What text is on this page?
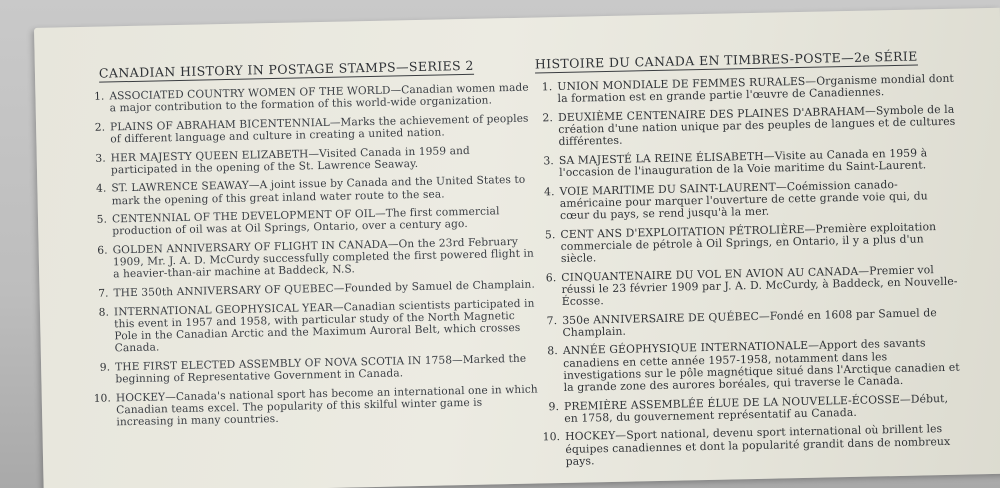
CANADIAN HISTORY IN POSTAGE STAMPS—SERIES 2
1. ASSOCIATED COUNTRY WOMEN OF THE WORLD—Canadian women made a major contribution to the formation of this world-wide organization.
2. PLAINS OF ABRAHAM BICENTENNIAL—Marks the achievement of peoples of different language and culture in creating a united nation.
3. HER MAJESTY QUEEN ELIZABETH—Visited Canada in 1959 and participated in the opening of the St. Lawrence Seaway.
4. ST. LAWRENCE SEAWAY—A joint issue by Canada and the United States to mark the opening of this great inland water route to the sea.
5. CENTENNIAL OF THE DEVELOPMENT OF OIL—The first commercial production of oil was at Oil Springs, Ontario, over a century ago.
6. GOLDEN ANNIVERSARY OF FLIGHT IN CANADA—On the 23rd February 1909, Mr. J. A. D. McCurdy successfully completed the first powered flight in a heavier-than-air machine at Baddeck, N.S.
7. THE 350th ANNIVERSARY OF QUEBEC—Founded by Samuel de Champlain.
8. INTERNATIONAL GEOPHYSICAL YEAR—Canadian scientists participated in this event in 1957 and 1958, with particular study of the North Magnetic Pole in the Canadian Arctic and the Maximum Auroral Belt, which crosses Canada.
9. THE FIRST ELECTED ASSEMBLY OF NOVA SCOTIA IN 1758—Marked the beginning of Representative Government in Canada.
10. HOCKEY—Canada's national sport has become an international one in which Canadian teams excel. The popularity of this skilful winter game is increasing in many countries.
HISTOIRE DU CANADA EN TIMBRES-POSTE—2e SÉRIE
1. UNION MONDIALE DE FEMMES RURALES—Organisme mondial dont la formation est en grande partie l'œuvre de Canadiennes.
2. DEUXIÈME CENTENAIRE DES PLAINES D'ABRAHAM—Symbole de la création d'une nation unique par des peuples de langues et de cultures différentes.
3. SA MAJESTÉ LA REINE ÉLISABETH—Visite au Canada en 1959 à l'occasion de l'inauguration de la Voie maritime du Saint-Laurent.
4. VOIE MARITIME DU SAINT-LAURENT—Coémission canado-américaine pour marquer l'ouverture de cette grande voie qui, du cœur du pays, se rend jusqu'à la mer.
5. CENT ANS D'EXPLOITATION PÉTROLIÈRE—Première exploitation commerciale de pétrole à Oil Springs, en Ontario, il y a plus d'un siècle.
6. CINQUANTENAIRE DU VOL EN AVION AU CANADA—Premier vol réussi le 23 février 1909 par J. A. D. McCurdy, à Baddeck, en Nouvelle-Écosse.
7. 350e ANNIVERSAIRE DE QUÉBEC—Fondé en 1608 par Samuel de Champlain.
8. ANNÉE GÉOPHYSIQUE INTERNATIONALE—Apport des savants canadiens en cette année 1957-1958, notamment dans les investigations sur le pôle magnétique situé dans l'Arctique canadien et la grande zone des aurores boréales, qui traverse le Canada.
9. PREMIÈRE ASSEMBLÉE ÉLUE DE LA NOUVELLE-ÉCOSSE—Début, en 1758, du gouvernement représentatif au Canada.
10. HOCKEY—Sport national, devenu sport international où brillent les équipes canadiennes et dont la popularité grandit dans de nombreux pays.
